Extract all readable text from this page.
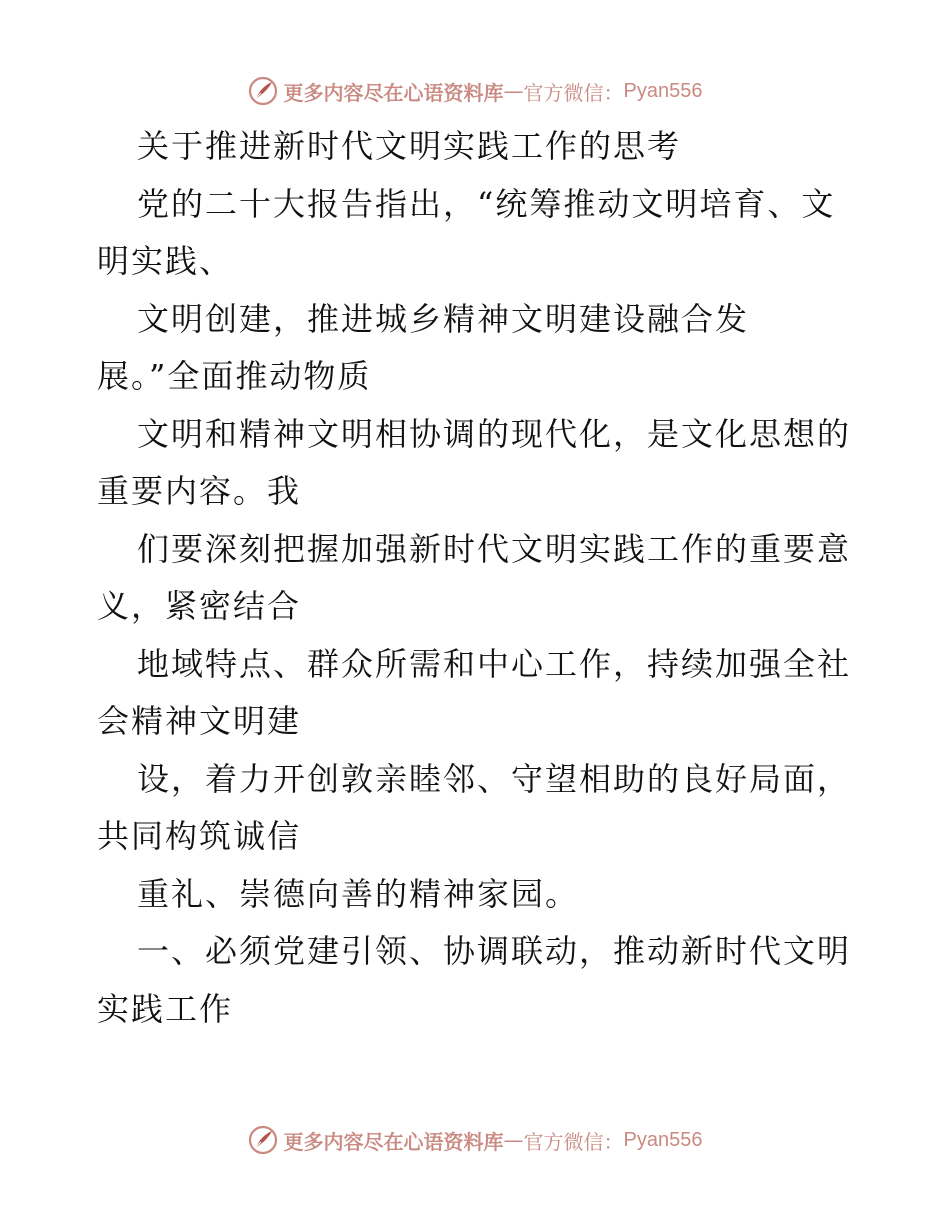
更多内容尽在心语资料库 — 官方微信： Pyan556
关于推进新时代文明实践工作的思考
党的二十大报告指出，“统筹推动文明培育、文
明实践、
文明创建，推进城乡精神文明建设融合发
展。”全面推动物质
文明和精神文明相协调的现代化，是文化思想的
重要内容。我
们要深刻把握加强新时代文明实践工作的重要意
义，紧密结合
地域特点、群众所需和中心工作，持续加强全社
会精神文明建
设，着力开创敦亲睦邻、守望相助的良好局面，
共同构筑诚信
重礼、崇德向善的精神家园。
一、必须党建引领、协调联动，推动新时代文明
实践工作
更多内容尽在心语资料库 — 官方微信： Pyan556
